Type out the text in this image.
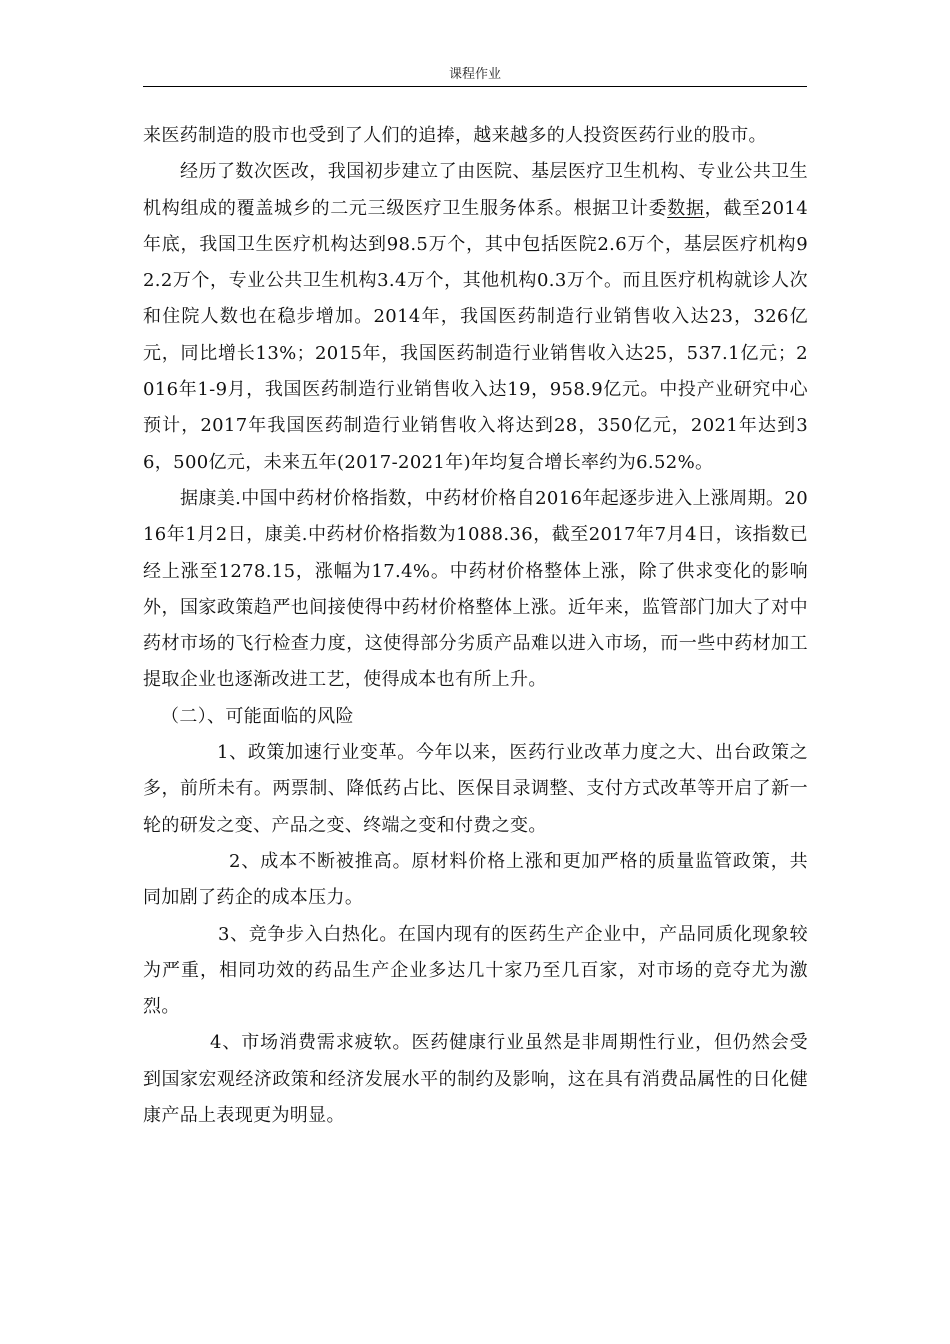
课程作业

来医药制造的股市也受到了人们的追捧，越来越多的人投资医药行业的股市。

经历了数次医改，我国初步建立了由医院、基层医疗卫生机构、专业公共卫生机构组成的覆盖城乡的二元三级医疗卫生服务体系。根据卫计委数据，截至2014年底，我国卫生医疗机构达到98.5万个，其中包括医院2.6万个，基层医疗机构92.2万个，专业公共卫生机构3.4万个，其他机构0.3万个。而且医疗机构就诊人次和住院人数也在稳步增加。2014年，我国医药制造行业销售收入达23，326亿元，同比增长13%；2015年，我国医药制造行业销售收入达25，537.1亿元；2016年1-9月，我国医药制造行业销售收入达19，958.9亿元。中投产业研究中心预计，2017年我国医药制造行业销售收入将达到28，350亿元，2021年达到36，500亿元，未来五年(2017-2021年)年均复合增长率约为6.52%。

据康美.中国中药材价格指数，中药材价格自2016年起逐步进入上涨周期。2016年1月2日，康美.中药材价格指数为1088.36，截至2017年7月4日，该指数已经上涨至1278.15，涨幅为17.4%。中药材价格整体上涨，除了供求变化的影响外，国家政策趋严也间接使得中药材价格整体上涨。近年来，监管部门加大了对中药材市场的飞行检查力度，这使得部分劣质产品难以进入市场，而一些中药材加工提取企业也逐渐改进工艺，使得成本也有所上升。

（二）、可能面临的风险

1、政策加速行业变革。今年以来，医药行业改革力度之大、出台政策之多，前所未有。两票制、降低药占比、医保目录调整、支付方式改革等开启了新一轮的研发之变、产品之变、终端之变和付费之变。

2、成本不断被推高。原材料价格上涨和更加严格的质量监管政策，共同加剧了药企的成本压力。

3、竞争步入白热化。在国内现有的医药生产企业中，产品同质化现象较为严重，相同功效的药品生产企业多达几十家乃至几百家，对市场的竞夺尤为激烈。

4、市场消费需求疲软。医药健康行业虽然是非周期性行业，但仍然会受到国家宏观经济政策和经济发展水平的制约及影响，这在具有消费品属性的日化健康产品上表现更为明显。
